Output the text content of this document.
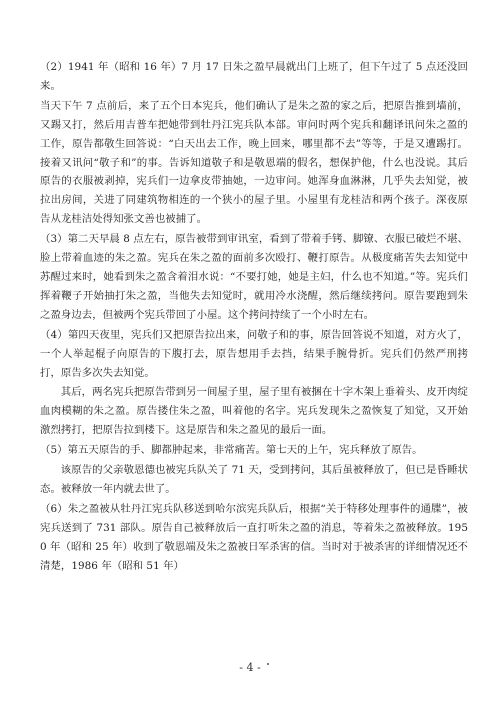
（2）1941 年（昭和 16 年）7 月 17 日朱之盈早晨就出门上班了，但下午过了 5 点还没回来。

当天下午 7 点前后，来了五个日本宪兵，他们确认了是朱之盈的家之后，把原告推到墙前，又踢又打，然后用吉普车把她带到牡丹江宪兵队本部。审问时两个宪兵和翻译讯问朱之盈的工作，原告都敬生回答说：“白天出去工作，晚上回来，哪里都不去”等等，于是又遭踢打。接着又讯问“敬子和”的事。告诉知道敬子和是敬恩端的假名，想保护他，什么也没说。其后原告的衣服被剥掉，宪兵们一边拿皮带抽她，一边审问。她浑身血淋淋，几乎失去知觉，被拉出房间，关进了同建筑物相连的一个狭小的屋子里。小屋里有龙桂洁和两个孩子。深夜原告从龙桂洁处得知张文善也被捕了。

（3）第二天早晨 8 点左右，原告被带到审讯室，看到了带着手铐、脚镣、衣服已破烂不堪、脸上带着血迹的朱之盈。宪兵在朱之盈的面前多次殴打、鞭打原告。从极度痛苦失去知觉中苏醒过来时，她看到朱之盈含着泪水说：“不要打她，她是主妇，什么也不知道。”等。宪兵们挥着鞭子开始抽打朱之盈，当他失去知觉时，就用冷水浇醒，然后继续拷问。原告要跑到朱之盈身边去，但被两个宪兵带回了小屋。这个拷问持续了一个小时左右。

（4）第四天夜里，宪兵们又把原告拉出来，问敬子和的事，原告回答说不知道，对方火了，一个人举起棍子向原告的下腹打去，原告想用手去挡，结果手腕骨折。宪兵们仍然严刑拷打，原告多次失去知觉。

其后，两名宪兵把原告带到另一间屋子里，屋子里有被捆在十字木架上垂着头、皮开肉绽血肉模糊的朱之盈。原告搂住朱之盈，叫着他的名字。宪兵发现朱之盈恢复了知觉，又开始激烈拷打，把原告拉到楼下。这是原告和朱之盈见的最后一面。

（5）第五天原告的手、脚都肿起来，非常痛苦。第七天的上午，宪兵释放了原告。

该原告的父亲敬恩德也被宪兵队关了 71 天，受到拷问，其后虽被释放了，但已是昏睡状态。被释放一年内就去世了。

（6）朱之盈被从牡丹江宪兵队移送到哈尔滨宪兵队后，根据“关于特移处理事件的通牒”，被宪兵送到了 731 部队。原告自己被释放后一直打听朱之盈的消息，等着朱之盈被释放。1950 年（昭和 25 年）收到了敬恩端及朱之盈被日军杀害的信。当时对于被杀害的详细情况还不清楚，1986 年（昭和 51 年）

- 4 -
